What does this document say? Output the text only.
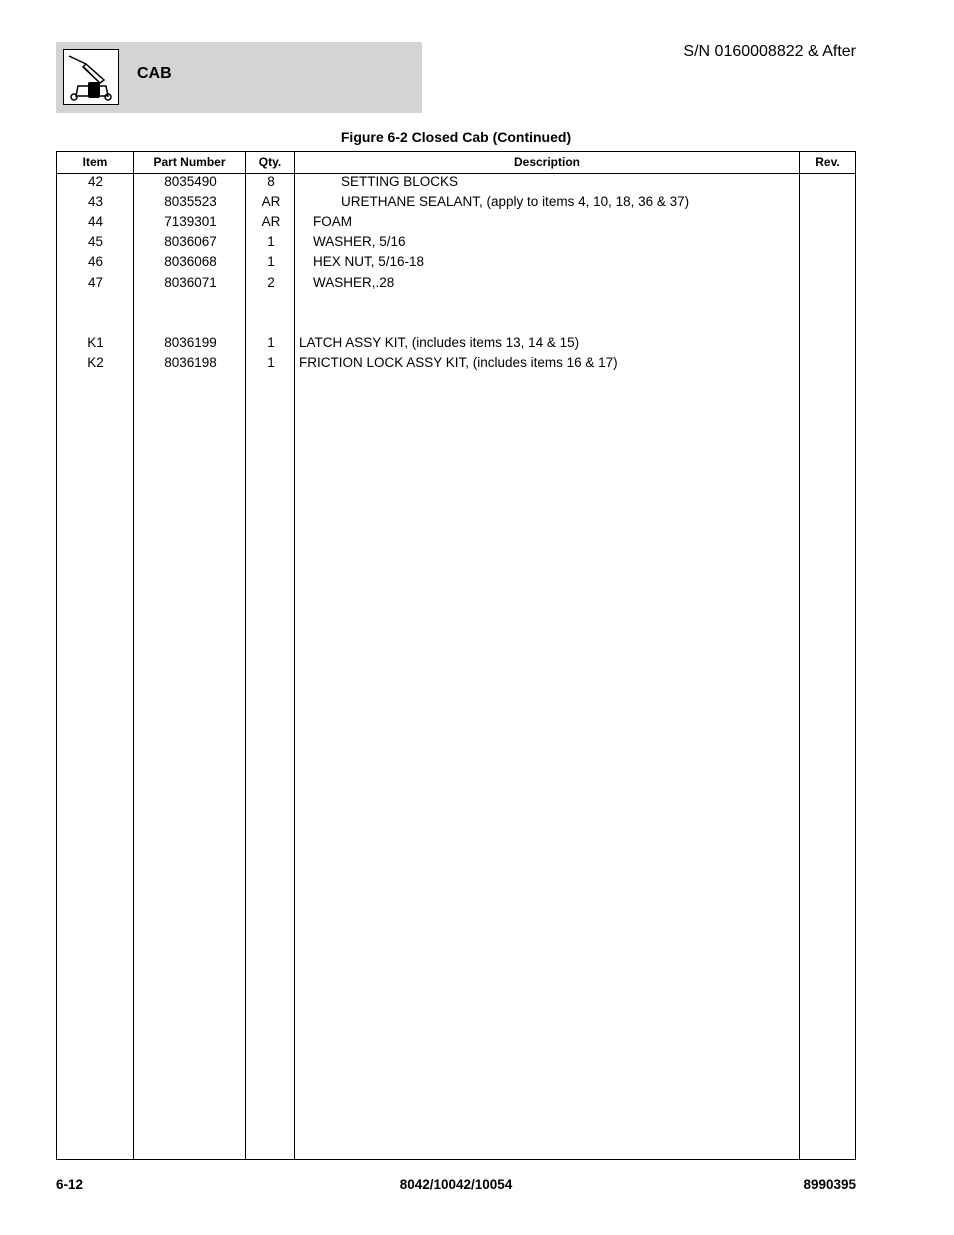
CAB
S/N 0160008822 & After
Figure 6-2 Closed Cab (Continued)
Item	Part Number	Qty.	Description	Rev.
42	8035490	8	SETTING BLOCKS
43	8035523	AR	URETHANE SEALANT, (apply to items 4, 10, 18, 36 & 37)
44	7139301	AR	FOAM
45	8036067	1	WASHER, 5/16
46	8036068	1	HEX NUT, 5/16-18
47	8036071	2	WASHER,.28
K1	8036199	1	LATCH ASSY KIT, (includes items 13, 14 & 15)
K2	8036198	1	FRICTION LOCK ASSY KIT, (includes items 16 & 17)
6-12	8042/10042/10054	8990395
